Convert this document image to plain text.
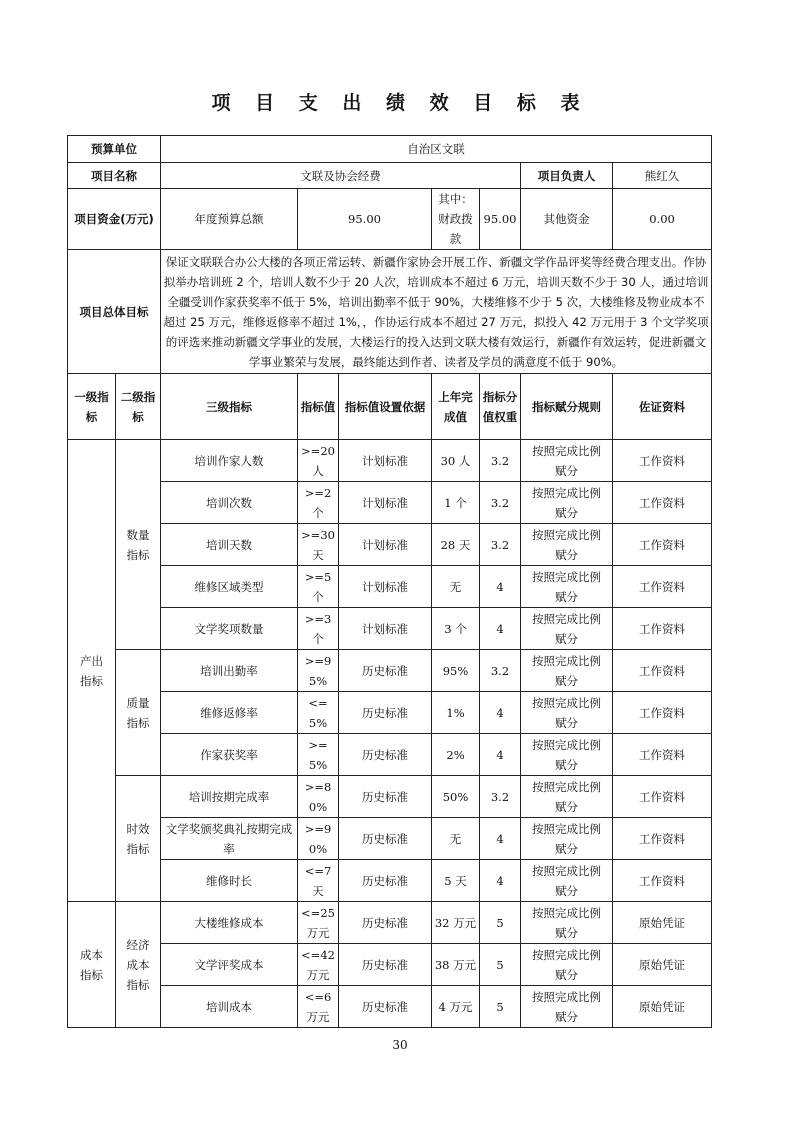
项 目 支 出 绩 效 目 标 表
预算单位		自治区文联						
项目名称		文联及协会经费					项目负责人	熊红久
项目资金(万元)		年度预算总额	95.00		其中：财政拨款	95.00	其他资金	0.00
项目总体目标		保证文联联合办公大楼的各项正常运转、新疆作家协会开展工作、新疆文学作品评奖等经费合理支出。作协拟举办培训班 2 个，培训人数不少于 20 人次，培训成本不超过 6 万元，培训天数不少于 30 人，通过培训全疆受训作家获奖率不低于 5%，培训出勤率不低于 90%，大楼维修不少于 5 次，大楼维修及物业成本不超过 25 万元，维修返修率不超过 1%，，作协运行成本不超过 27 万元，拟投入 42 万元用于 3 个文学奖项的评选来推动新疆文学事业的发展，大楼运行的投入达到文联大楼有效运行，新疆作有效运转，促进新疆文学事业繁荣与发展，最终能达到作者、读者及学员的满意度不低于 90%。						
一级指标	二级指标	三级指标	指标值	指标值设置依据	上年完成值	指标分值权重	指标赋分规则	佐证资料
产出指标	数量指标	培训作家人数	>=20人	计划标准	30 人	3.2	按照完成比例赋分	工作资料
		培训次数	>=2个	计划标准	1 个	3.2	按照完成比例赋分	工作资料
		培训天数	>=30天	计划标准	28 天	3.2	按照完成比例赋分	工作资料
		维修区域类型	>=5个	计划标准	无	4	按照完成比例赋分	工作资料
		文学奖项数量	>=3个	计划标准	3 个	4	按照完成比例赋分	工作资料
	质量指标	培训出勤率	>=95%	历史标准	95%	3.2	按照完成比例赋分	工作资料
		维修返修率	<=5%	历史标准	1%	4	按照完成比例赋分	工作资料
		作家获奖率	>=5%	历史标准	2%	4	按照完成比例赋分	工作资料
	时效指标	培训按期完成率	>=80%	历史标准	50%	3.2	按照完成比例赋分	工作资料
		文学奖颁奖典礼按期完成率	>=90%	历史标准	无	4	按照完成比例赋分	工作资料
		维修时长	<=7天	历史标准	5 天	4	按照完成比例赋分	工作资料
成本指标	经济成本指标	大楼维修成本	<=25万元	历史标准	32 万元	5	按照完成比例赋分	原始凭证
		文学评奖成本	<=42万元	历史标准	38 万元	5	按照完成比例赋分	原始凭证
		培训成本	<=6万元	历史标准	4 万元	5	按照完成比例赋分	原始凭证
30
